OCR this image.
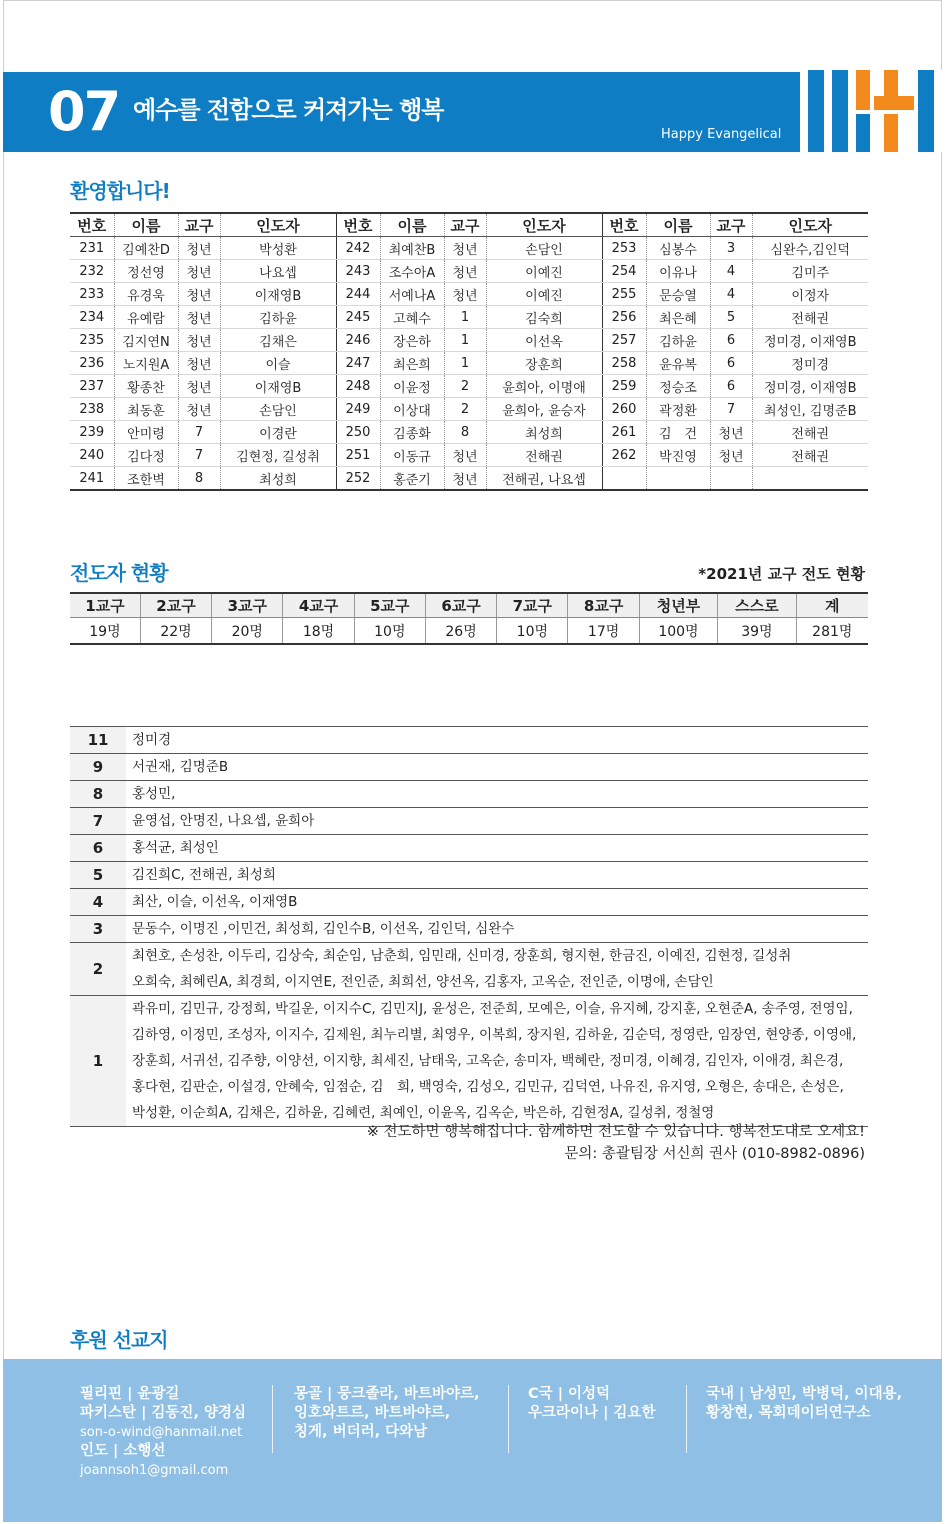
07 예수를 전함으로 커져가는 행복
Happy Evangelical
환영합니다!
번호	이름	교구	인도자	번호	이름	교구	인도자	번호	이름	교구	인도자
231	김예찬D	청년	박성환	242	최예찬B	청년	손담인	253	심봉수	3	심완수,김인덕
232	정선영	청년	나요셉	243	조수아A	청년	이예진	254	이유나	4	김미주
233	유경욱	청년	이재영B	244	서예나A	청년	이예진	255	문승열	4	이정자
234	유예람	청년	김하윤	245	고혜수	1	김숙희	256	최은혜	5	전해권
235	김지연N	청년	김채은	246	장은하	1	이선옥	257	김하윤	6	정미경, 이재영B
236	노지원A	청년	이슬	247	최은희	1	장훈희	258	윤유복	6	정미경
237	황종찬	청년	이재영B	248	이윤정	2	윤희아, 이명애	259	정승조	6	정미경, 이재영B
238	최동훈	청년	손담인	249	이상대	2	윤희아, 윤승자	260	곽정환	7	최성인, 김명준B
239	안미령	7	이경란	250	김종화	8	최성희	261	김　건	청년	전해권
240	김다정	7	김현정, 길성취	251	이동규	청년	전해권	262	박진영	청년	전해권
241	조한벽	8	최성희	252	홍준기	청년	전해권, 나요셉				
전도자 현황	*2021년 교구 전도 현황
1교구	2교구	3교구	4교구	5교구	6교구	7교구	8교구	청년부	스스로	계
19명	22명	20명	18명	10명	26명	10명	17명	100명	39명	281명
11	정미경

9	서권재, 김명준B

8	홍성민,

7	윤영섭, 안명진, 나요셉, 윤희아

6	홍석균, 최성인

5	김진희C, 전해권, 최성희

4	최산, 이슬, 이선옥, 이재영B

3	문동수, 이명진 ,이민건, 최성희, 김인수B, 이선옥, 김인덕, 심완수

2	최현호, 손성찬, 이두리, 김상숙, 최순임, 남춘희, 임민래, 신미경, 장훈희, 형지현, 한금진, 이예진, 김현정, 길성취
오희숙, 최혜린A, 최경희, 이지연E, 전인준, 최희선, 양선옥, 김홍자, 고옥순, 전인준, 이명애, 손담인

1	곽유미, 김민규, 강정희, 박길운, 이지수C, 김민지J, 윤성은, 전준희, 모예은, 이슬, 유지혜, 강지훈, 오현준A, 송주영, 전영임,
김하영, 이정민, 조성자, 이지수, 김제원, 최누리별, 최영우, 이복희, 장지원, 김하윤, 김순덕, 정영란, 임장연, 현양종, 이영애,
장훈희, 서귀선, 김주향, 이양선, 이지향, 최세진, 남태욱, 고옥순, 송미자, 백혜란, 정미경, 이혜경, 김인자, 이애경, 최은경,
홍다현, 김판순, 이설경, 안혜숙, 임점순, 김　희, 백영숙, 김성오, 김민규, 김덕연, 나유진, 유지영, 오형은, 송대은, 손성은,
박성환, 이순희A, 김채은, 김하윤, 김혜련, 최예인, 이윤옥, 김옥순, 박은하, 김현정A, 길성취, 정철영
※ 전도하면 행복해집니다. 함께하면 전도할 수 있습니다. 행복전도대로 오세요!
문의: 총괄팀장 서신희 권사 (010-8982-0896)
후원 선교지
필리핀 | 윤광길
파키스탄 | 김동진, 양경심
son-o-wind@hanmail.net
인도 | 소행선
joannsoh1@gmail.com
몽골 | 뭉크졸라, 바트바야르,
잉호와트르, 바트바야르,
칭게, 버더러, 다와남
C국 | 이성덕
우크라이나 | 김요한
국내 | 남성민, 박병덕, 이대용,
황창현, 목회데이터연구소
